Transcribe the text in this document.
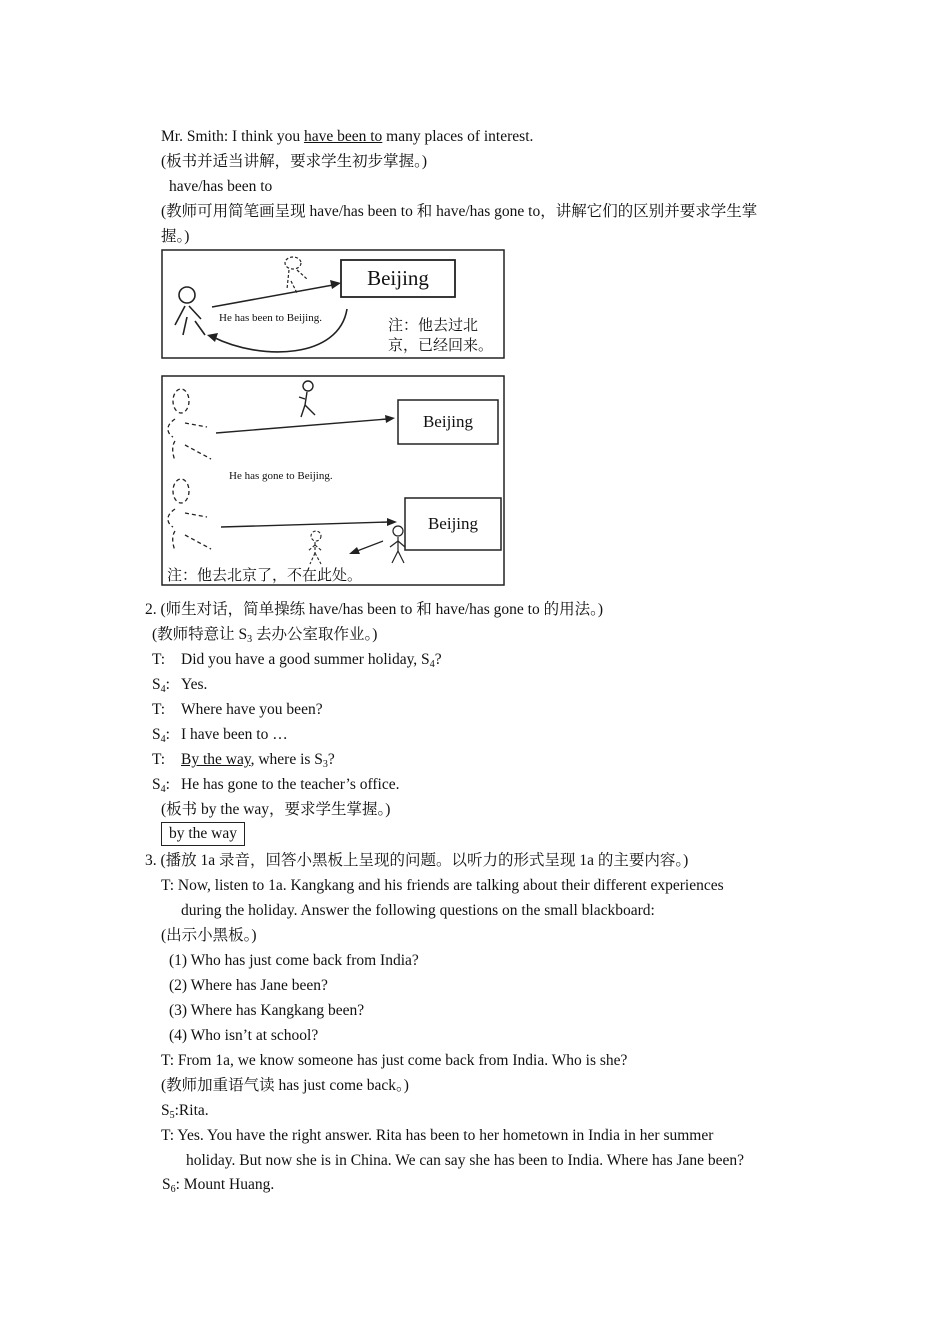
Mr. Smith: I think you have been to many places of interest.
(板书并适当讲解，要求学生初步掌握。)
have/has been to
(教师可用简笔画呈现 have/has been to 和 have/has gone to，讲解它们的区别并要求学生掌
握。)
Beijing
He has been to Beijing.	注：他去过北
京，已经回来。
Beijing
He has gone to Beijing.
Beijing
注：他去北京了，不在此处。
2. (师生对话，简单操练 have/has been to 和 have/has gone to 的用法。)
(教师特意让 $S_3$ 去办公室取作业。)
T: Did you have a good summer holiday, $S_4$?
$S_4$: Yes.
T: Where have you been?
$S_4$: I have been to …
T: By the way, where is $S_3$?
$S_4$: He has gone to the teacher’s office.
(板书 by the way，要求学生掌握。)
by the way
3. (播放 1a 录音，回答小黑板上呈现的问题。以听力的形式呈现 1a 的主要内容。)
T: Now, listen to 1a. Kangkang and his friends are talking about their different experiences
during the holiday. Answer the following questions on the small blackboard:
(出示小黑板。)
(1) Who has just come back from India?
(2) Where has Jane been?
(3) Where has Kangkang been?
(4) Who isn’t at school?
T: From 1a, we know someone has just come back from India. Who is she?
(教师加重语气读 has just come back。)
$S_5:Rita$.
T: Yes. You have the right answer. Rita has been to her hometown in India in her summer
holiday. But now she is in China. We can say she has been to India. Where has Jane been?
$S_6$: Mount Huang.
